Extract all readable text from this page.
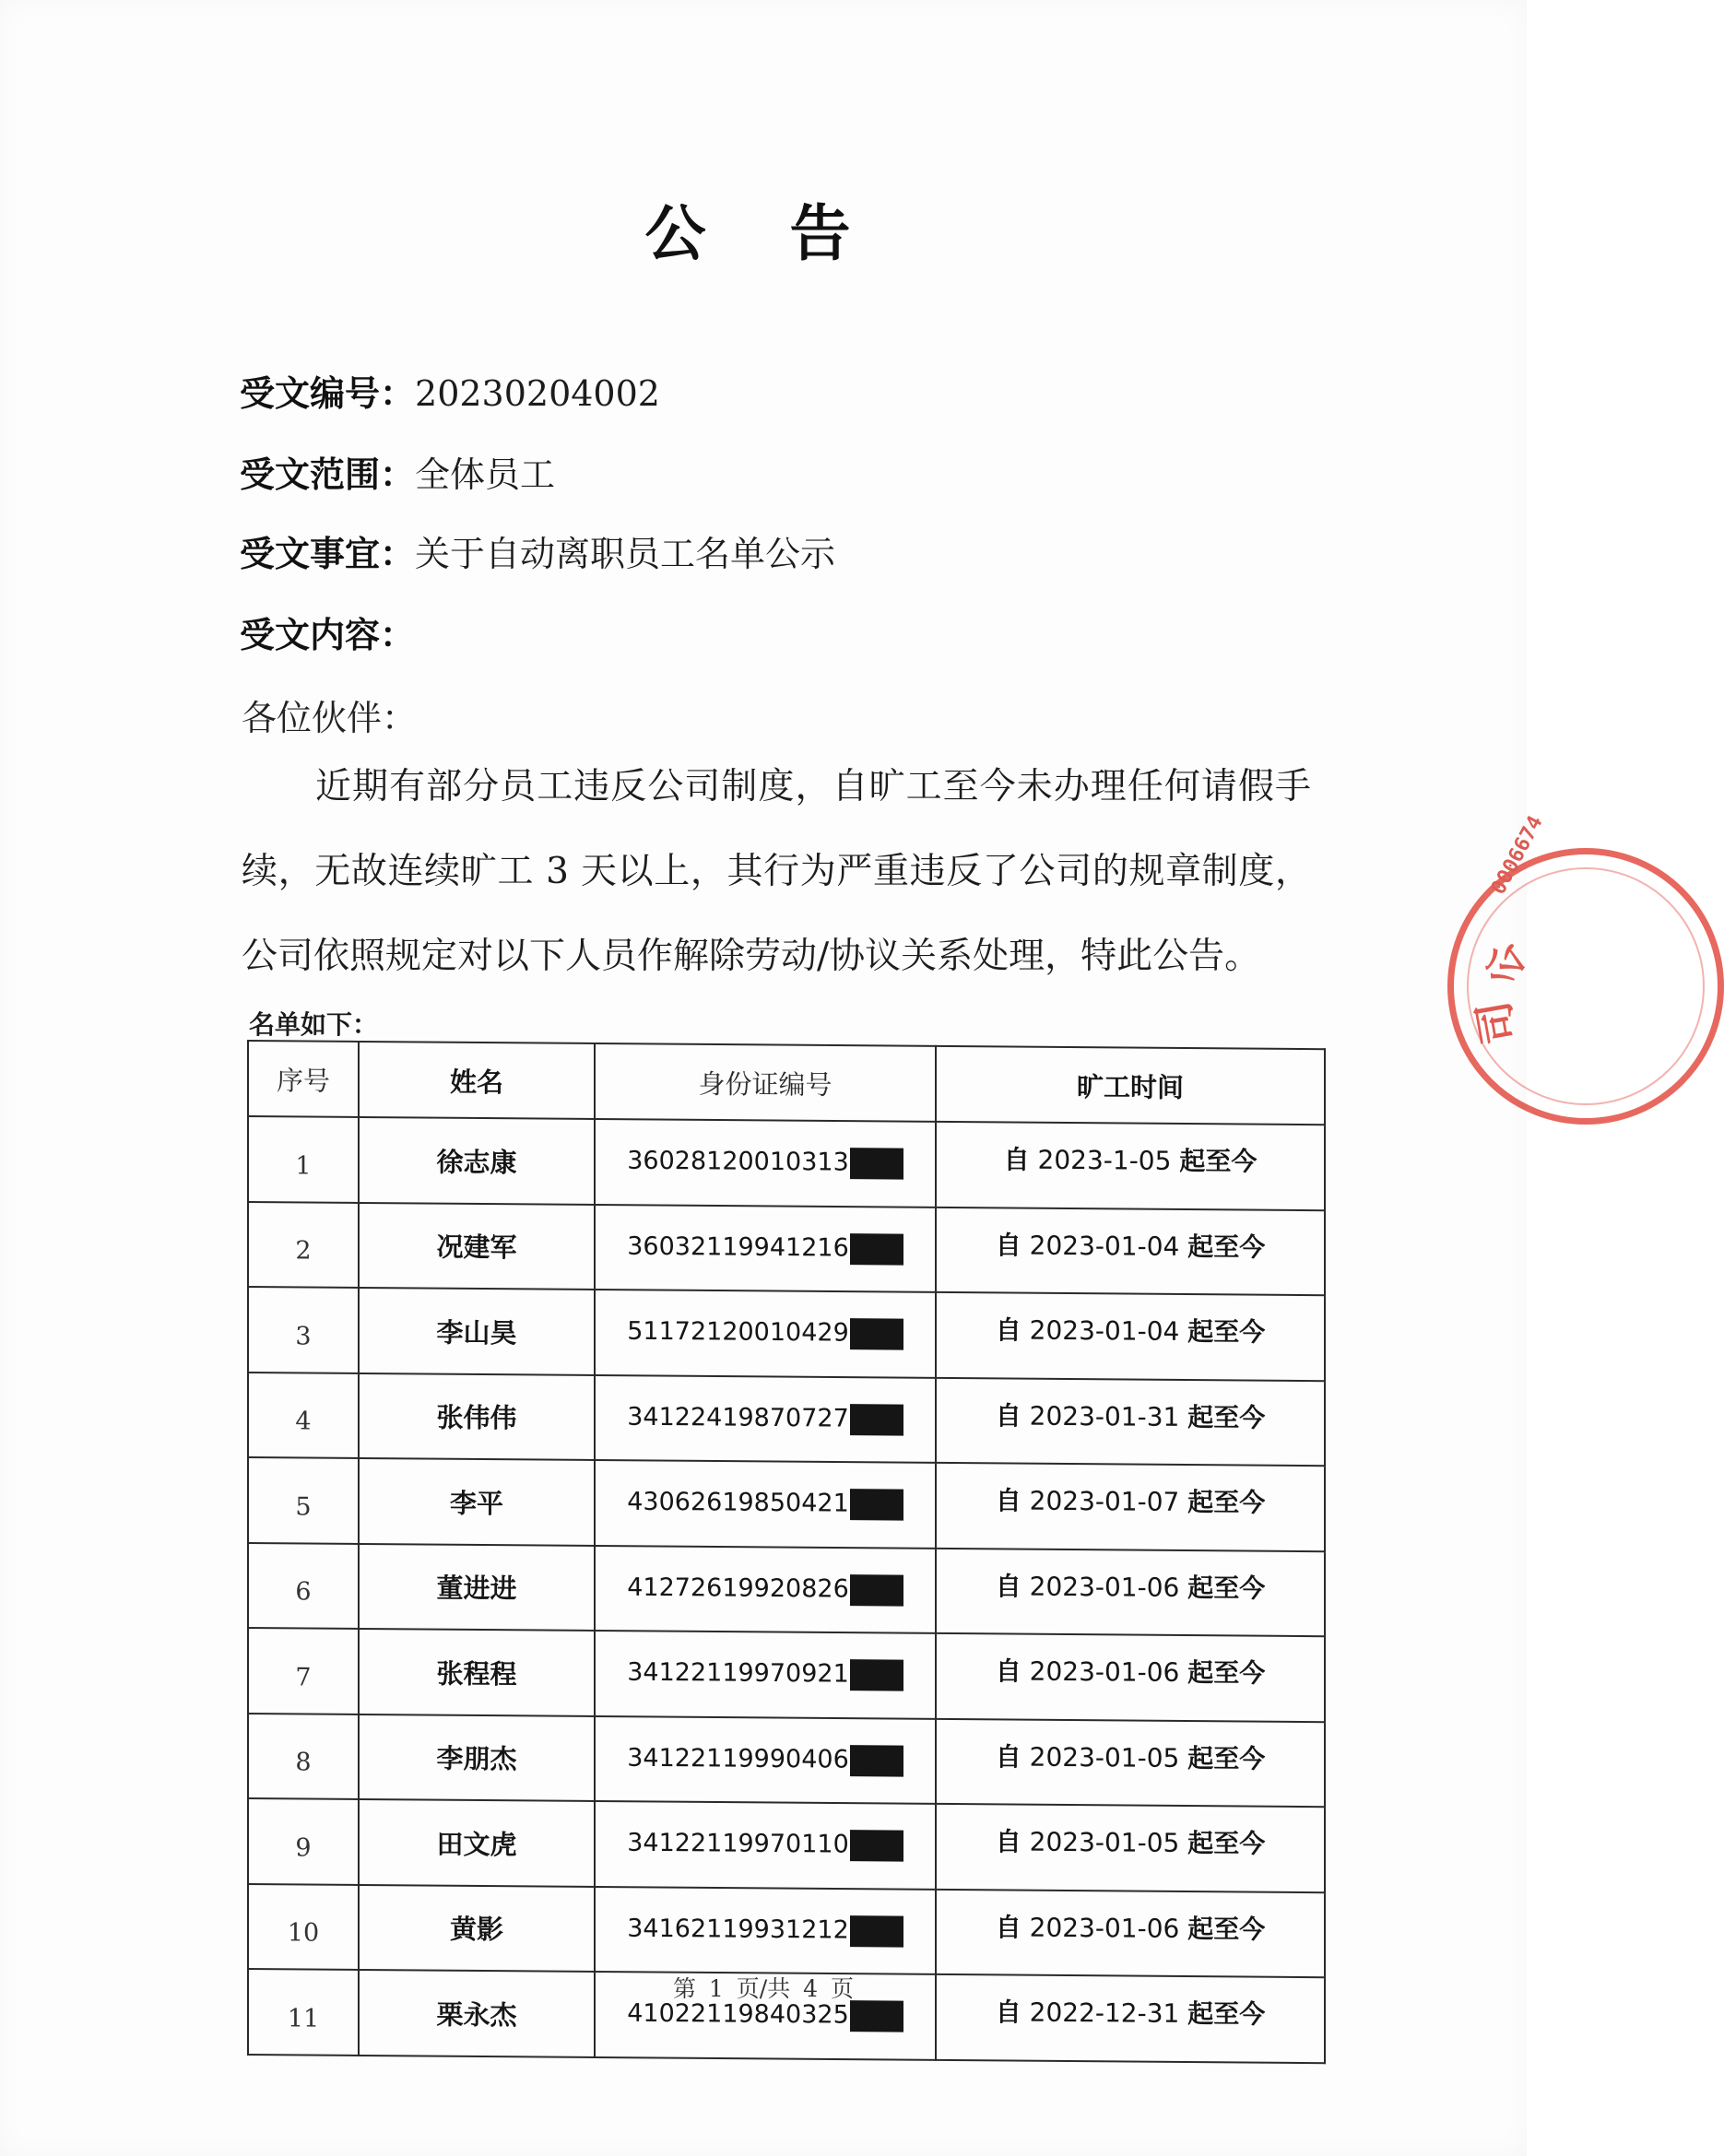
公 告
受文编号：20230204002
受文范围：全体员工
受文事宜：关于自动离职员工名单公示
受文内容：
各位伙伴：
近期有部分员工违反公司制度，自旷工至今未办理任何请假手续，无故连续旷工 3 天以上，其行为严重违反了公司的规章制度，公司依照规定对以下人员作解除劳动/协议关系处理，特此公告。
名单如下：
序号	姓名	身份证编号	旷工时间
1	徐志康	36028120010313	自 2023-1-05 起至今
2	况建军	36032119941216	自 2023-01-04 起至今
3	李山昊	51172120010429	自 2023-01-04 起至今
4	张伟伟	34122419870727	自 2023-01-31 起至今
5	李平	43062619850421	自 2023-01-07 起至今
6	董进进	41272619920826	自 2023-01-06 起至今
7	张程程	34122119970921	自 2023-01-06 起至今
8	李朋杰	34122119990406	自 2023-01-05 起至今
9	田文虎	34122119970110	自 2023-01-05 起至今
10	黄影	34162119931212	自 2023-01-06 起至今
11	栗永杰	41022119840325	自 2022-12-31 起至今
第 1 页/共 4 页
0006674
司
公
